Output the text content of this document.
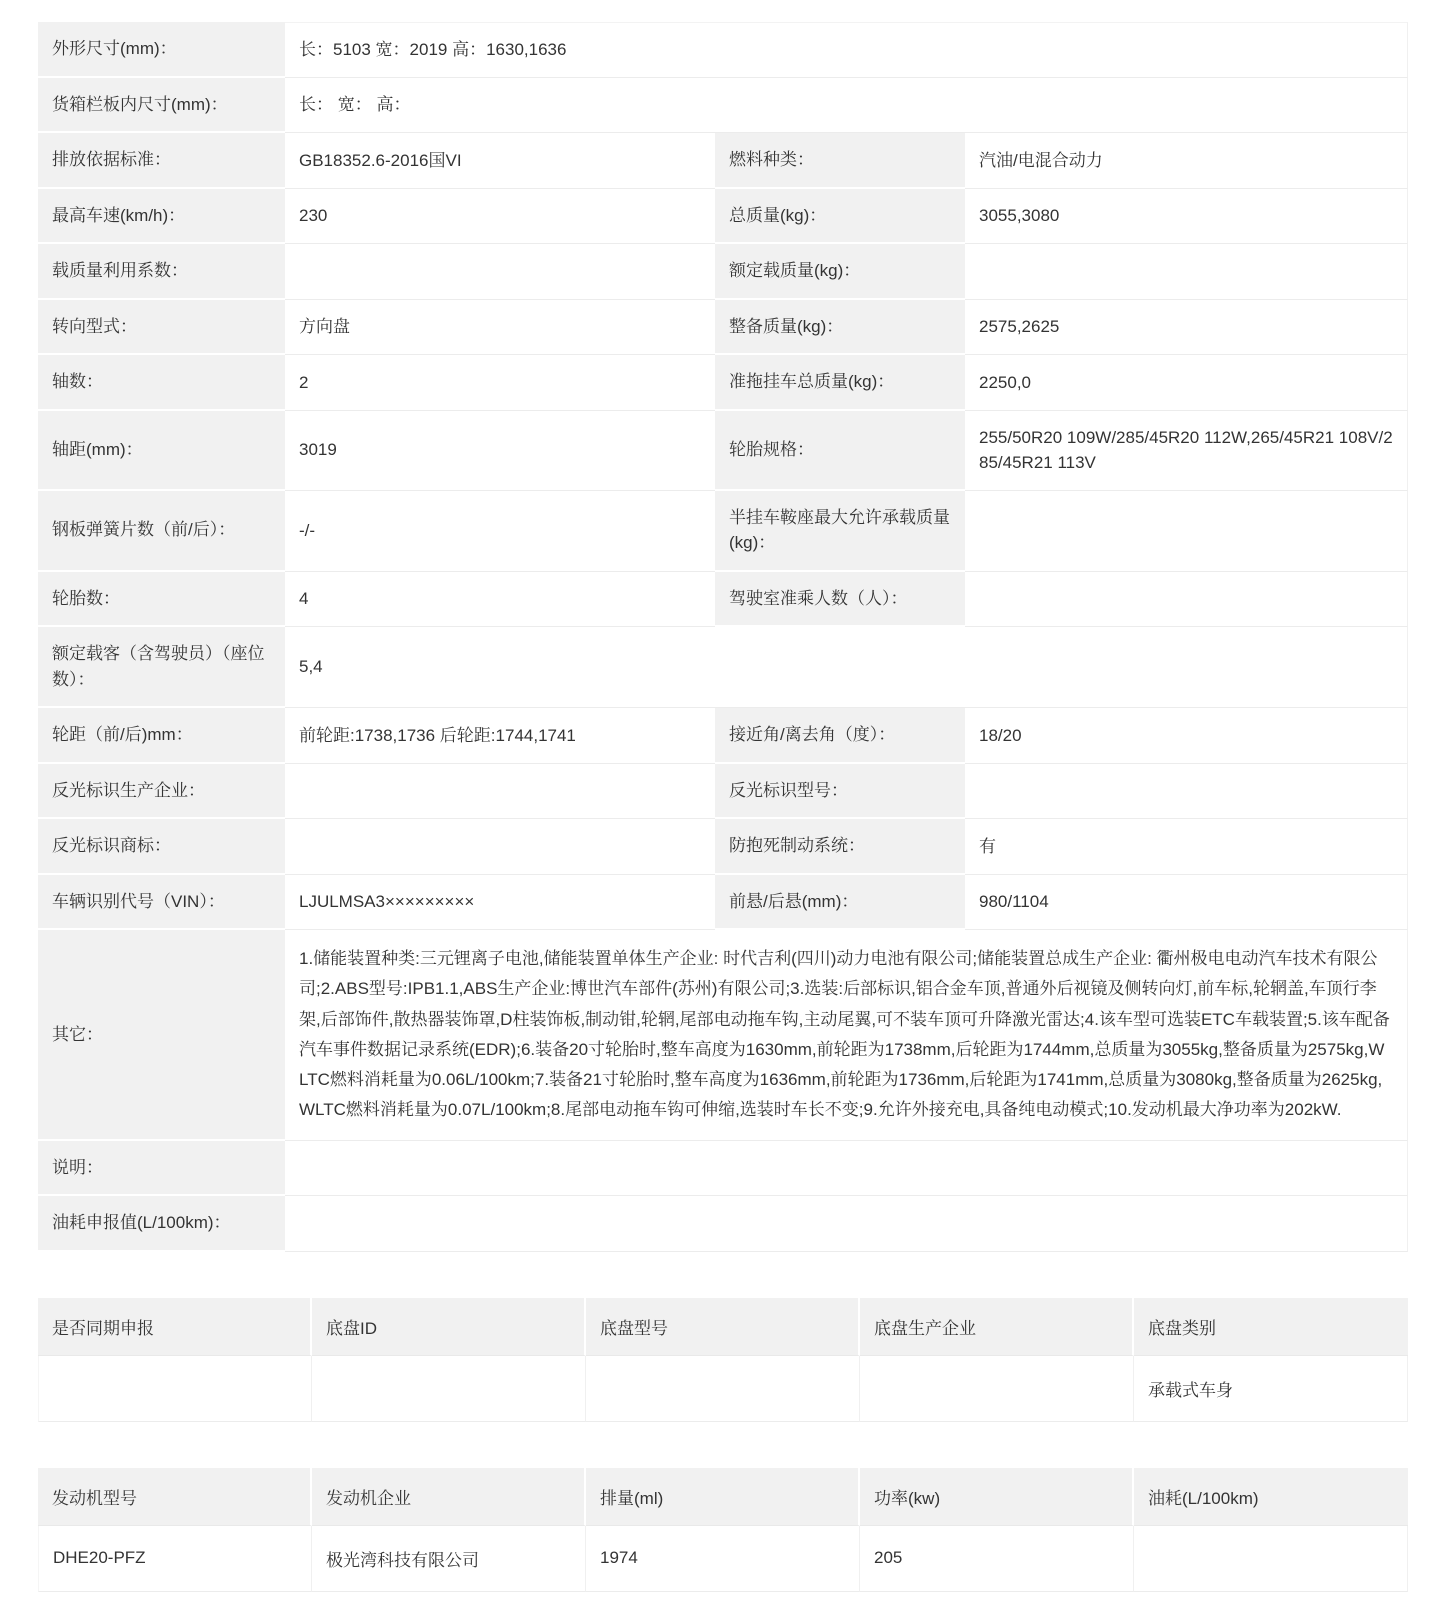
外形尺寸(mm)：	长：5103 宽：2019 高：1630,1636		
货箱栏板内尺寸(mm)：	长： 宽： 高：		
排放依据标准：	GB18352.6-2016国VI	燃料种类：	汽油/电混合动力
最高车速(km/h)：	230	总质量(kg)：	3055,3080
载质量利用系数：		额定载质量(kg)：	
转向型式：	方向盘	整备质量(kg)：	2575,2625
轴数：	2	准拖挂车总质量(kg)：	2250,0
轴距(mm)：	3019	轮胎规格：	255/50R20 109W/285/45R20 112W,265/45R21 108V/285/45R21 113V
钢板弹簧片数（前/后）：	-/-	半挂车鞍座最大允许承载质量(kg)：	
轮胎数：	4	驾驶室准乘人数（人）：	
额定载客（含驾驶员）（座位数）：	5,4		
轮距（前/后)mm：	前轮距:1738,1736 后轮距:1744,1741	接近角/离去角（度）：	18/20
反光标识生产企业：		反光标识型号：	
反光标识商标：		防抱死制动系统：	有
车辆识别代号（VIN）：	LJULMSA3×××××××××	前悬/后悬(mm)：	980/1104
其它：	1.储能装置种类:三元锂离子电池,储能装置单体生产企业: 时代吉利(四川)动力电池有限公司;储能装置总成生产企业: 衢州极电电动汽车技术有限公司;2.ABS型号:IPB1.1,ABS生产企业:博世汽车部件(苏州)有限公司;3.选装:后部标识,铝合金车顶,普通外后视镜及侧转向灯,前车标,轮辋盖,车顶行李架,后部饰件,散热器装饰罩,D柱装饰板,制动钳,轮辋,尾部电动拖车钩,主动尾翼,可不装车顶可升降激光雷达;4.该车型可选装ETC车载装置;5.该车配备汽车事件数据记录系统(EDR);6.装备20寸轮胎时,整车高度为1630mm,前轮距为1738mm,后轮距为1744mm,总质量为3055kg,整备质量为2575kg,WLTC燃料消耗量为0.06L/100km;7.装备21寸轮胎时,整车高度为1636mm,前轮距为1736mm,后轮距为1741mm,总质量为3080kg,整备质量为2625kg,WLTC燃料消耗量为0.07L/100km;8.尾部电动拖车钩可伸缩,选装时车长不变;9.允许外接充电,具备纯电动模式;10.发动机最大净功率为202kW.		
说明：			
油耗申报值(L/100km)：			
是否同期申报	底盘ID	底盘型号	底盘生产企业	底盘类别
				承载式车身
发动机型号	发动机企业	排量(ml)	功率(kw)	油耗(L/100km)
DHE20-PFZ	极光湾科技有限公司	1974	205	
